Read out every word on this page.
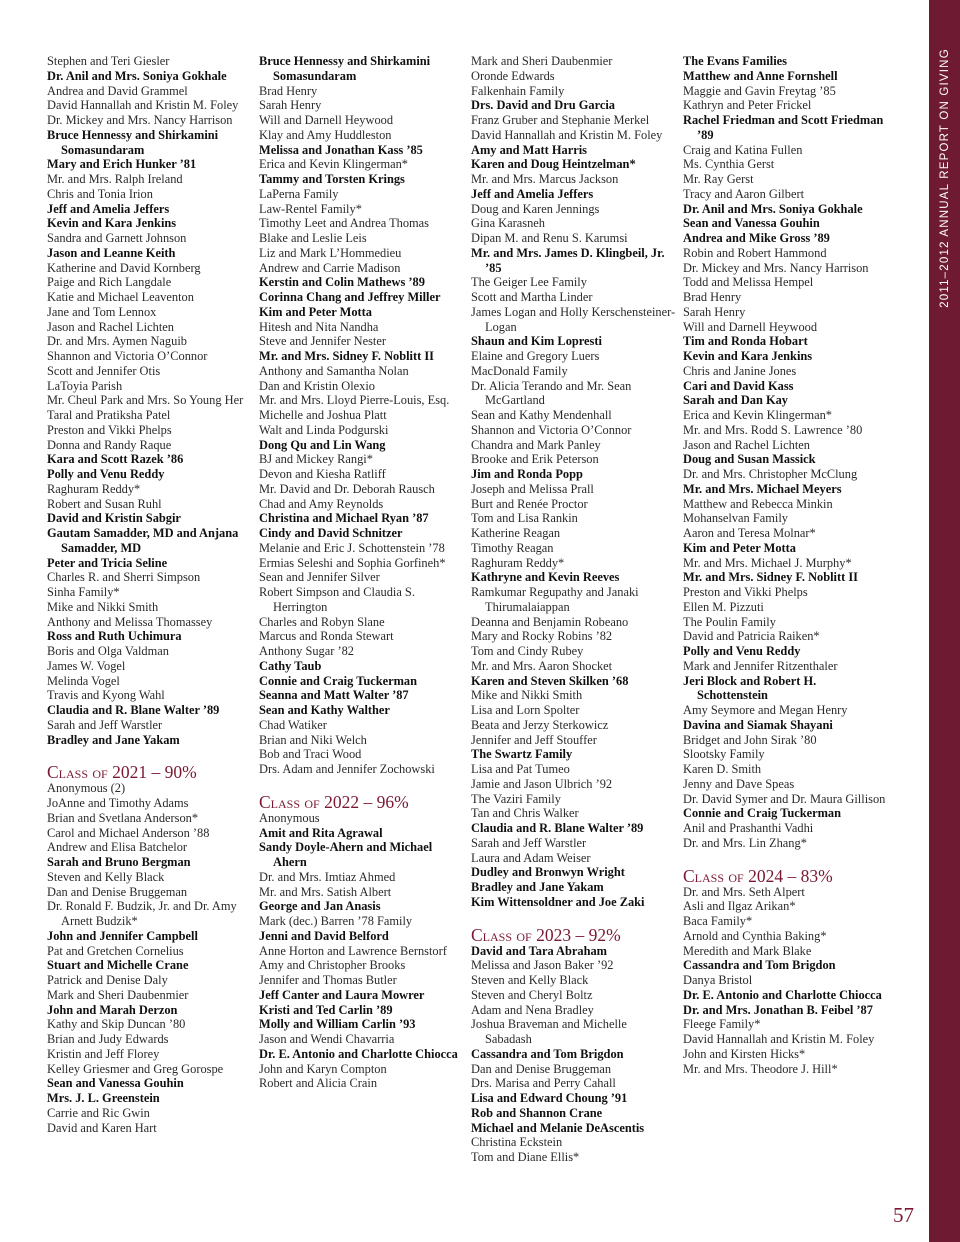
Stephen and Teri Giesler
Dr. Anil and Mrs. Soniya Gokhale
Andrea and David Grammel
David Hannallah and Kristin M. Foley
Dr. Mickey and Mrs. Nancy Harrison
Bruce Hennessy and Shirkamini Somasundaram
Mary and Erich Hunker ’81
Mr. and Mrs. Ralph Ireland
Chris and Tonia Irion
Jeff and Amelia Jeffers
Kevin and Kara Jenkins
Sandra and Garnett Johnson
Jason and Leanne Keith
Katherine and David Kornberg
Paige and Rich Langdale
Katie and Michael Leaventon
Jane and Tom Lennox
Jason and Rachel Lichten
Dr. and Mrs. Aymen Naguib
Shannon and Victoria O’Connor
Scott and Jennifer Otis
LaToyia Parish
Mr. Cheul Park and Mrs. So Young Her
Taral and Pratiksha Patel
Preston and Vikki Phelps
Donna and Randy Raque
Kara and Scott Razek ’86
Polly and Venu Reddy
Raghuram Reddy*
Robert and Susan Ruhl
David and Kristin Sabgir
Gautam Samadder, MD and Anjana Samadder, MD
Peter and Tricia Seline
Charles R. and Sherri Simpson
Sinha Family*
Mike and Nikki Smith
Anthony and Melissa Thomassey
Ross and Ruth Uchimura
Boris and Olga Valdman
James W. Vogel
Melinda Vogel
Travis and Kyong Wahl
Claudia and R. Blane Walter ’89
Sarah and Jeff Warstler
Bradley and Jane Yakam
Class of 2021 – 90%
Anonymous (2)
JoAnne and Timothy Adams
Brian and Svetlana Anderson*
Carol and Michael Anderson ’88
Andrew and Elisa Batchelor
Sarah and Bruno Bergman
Steven and Kelly Black
Dan and Denise Bruggeman
Dr. Ronald F. Budzik, Jr. and Dr. Amy Arnett Budzik*
John and Jennifer Campbell
Pat and Gretchen Cornelius
Stuart and Michelle Crane
Patrick and Denise Daly
Mark and Sheri Daubenmier
John and Marah Derzon
Kathy and Skip Duncan ’80
Brian and Judy Edwards
Kristin and Jeff Florey
Kelley Griesmer and Greg Gorospe
Sean and Vanessa Gouhin
Mrs. J. L. Greenstein
Carrie and Ric Gwin
David and Karen Hart
Bruce Hennessy and Shirkamini Somasundaram
Brad Henry
Sarah Henry
Will and Darnell Heywood
Klay and Amy Huddleston
Melissa and Jonathan Kass ’85
Erica and Kevin Klingerman*
Tammy and Torsten Krings
LaPerna Family
Law-Rentel Family*
Timothy Leet and Andrea Thomas
Blake and Leslie Leis
Liz and Mark L’Hommedieu
Andrew and Carrie Madison
Kerstin and Colin Mathews ’89
Corinna Chang and Jeffrey Miller
Kim and Peter Motta
Hitesh and Nita Nandha
Steve and Jennifer Nester
Mr. and Mrs. Sidney F. Noblitt II
Anthony and Samantha Nolan
Dan and Kristin Olexio
Mr. and Mrs. Lloyd Pierre-Louis, Esq.
Michelle and Joshua Platt
Walt and Linda Podgurski
Dong Qu and Lin Wang
BJ and Mickey Rangi*
Devon and Kiesha Ratliff
Mr. David and Dr. Deborah Rausch
Chad and Amy Reynolds
Christina and Michael Ryan ’87
Cindy and David Schnitzer
Melanie and Eric J. Schottenstein ’78
Ermias Seleshi and Sophia Gorfineh*
Sean and Jennifer Silver
Robert Simpson and Claudia S. Herrington
Charles and Robyn Slane
Marcus and Ronda Stewart
Anthony Sugar ’82
Cathy Taub
Connie and Craig Tuckerman
Seanna and Matt Walter ’87
Sean and Kathy Walther
Chad Watiker
Brian and Niki Welch
Bob and Traci Wood
Drs. Adam and Jennifer Zochowski
Class of 2022 – 96%
Anonymous
Amit and Rita Agrawal
Sandy Doyle-Ahern and Michael Ahern
Dr. and Mrs. Imtiaz Ahmed
Mr. and Mrs. Satish Albert
George and Jan Anasis
Mark (dec.) Barren ’78 Family
Jenni and David Belford
Anne Horton and Lawrence Bernstorf
Amy and Christopher Brooks
Jennifer and Thomas Butler
Jeff Canter and Laura Mowrer
Kristi and Ted Carlin ’89
Molly and William Carlin ’93
Jason and Wendi Chavarria
Dr. E. Antonio and Charlotte Chiocca
John and Karyn Compton
Robert and Alicia Crain
Mark and Sheri Daubenmier
Oronde Edwards
Falkenhain Family
Drs. David and Dru Garcia
Franz Gruber and Stephanie Merkel
David Hannallah and Kristin M. Foley
Amy and Matt Harris
Karen and Doug Heintzelman*
Mr. and Mrs. Marcus Jackson
Jeff and Amelia Jeffers
Doug and Karen Jennings
Gina Karasneh
Dipan M. and Renu S. Karumsi
Mr. and Mrs. James D. Klingbeil, Jr. ’85
The Geiger Lee Family
Scott and Martha Linder
James Logan and Holly Kerschensteiner-Logan
Shaun and Kim Lopresti
Elaine and Gregory Luers
MacDonald Family
Dr. Alicia Terando and Mr. Sean McGartland
Sean and Kathy Mendenhall
Shannon and Victoria O’Connor
Chandra and Mark Panley
Brooke and Erik Peterson
Jim and Ronda Popp
Joseph and Melissa Prall
Burt and Renée Proctor
Tom and Lisa Rankin
Katherine Reagan
Timothy Reagan
Raghuram Reddy*
Kathryne and Kevin Reeves
Ramkumar Regupathy and Janaki Thirumalaiappan
Deanna and Benjamin Robeano
Mary and Rocky Robins ’82
Tom and Cindy Rubey
Mr. and Mrs. Aaron Shocket
Karen and Steven Skilken ’68
Mike and Nikki Smith
Lisa and Lorn Spolter
Beata and Jerzy Sterkowicz
Jennifer and Jeff Stouffer
The Swartz Family
Lisa and Pat Tumeo
Jamie and Jason Ulbrich ’92
The Vaziri Family
Tan and Chris Walker
Claudia and R. Blane Walter ’89
Sarah and Jeff Warstler
Laura and Adam Weiser
Dudley and Bronwyn Wright
Bradley and Jane Yakam
Kim Wittensoldner and Joe Zaki
Class of 2023 – 92%
David and Tara Abraham
Melissa and Jason Baker ’92
Steven and Kelly Black
Steven and Cheryl Boltz
Adam and Nena Bradley
Joshua Braveman and Michelle Sabadash
Cassandra and Tom Brigdon
Dan and Denise Bruggeman
Drs. Marisa and Perry Cahall
Lisa and Edward Choung ’91
Rob and Shannon Crane
Michael and Melanie DeAscentis
Christina Eckstein
Tom and Diane Ellis*
The Evans Families
Matthew and Anne Fornshell
Maggie and Gavin Freytag ’85
Kathryn and Peter Frickel
Rachel Friedman and Scott Friedman ’89
Craig and Katina Fullen
Ms. Cynthia Gerst
Mr. Ray Gerst
Tracy and Aaron Gilbert
Dr. Anil and Mrs. Soniya Gokhale
Sean and Vanessa Gouhin
Andrea and Mike Gross ’89
Robin and Robert Hammond
Dr. Mickey and Mrs. Nancy Harrison
Todd and Melissa Hempel
Brad Henry
Sarah Henry
Will and Darnell Heywood
Tim and Ronda Hobart
Kevin and Kara Jenkins
Chris and Janine Jones
Cari and David Kass
Sarah and Dan Kay
Erica and Kevin Klingerman*
Mr. and Mrs. Rodd S. Lawrence ’80
Jason and Rachel Lichten
Doug and Susan Massick
Dr. and Mrs. Christopher McClung
Mr. and Mrs. Michael Meyers
Matthew and Rebecca Minkin
Mohanselvan Family
Aaron and Teresa Molnar*
Kim and Peter Motta
Mr. and Mrs. Michael J. Murphy*
Mr. and Mrs. Sidney F. Noblitt II
Preston and Vikki Phelps
Ellen M. Pizzuti
The Poulin Family
David and Patricia Raiken*
Polly and Venu Reddy
Mark and Jennifer Ritzenthaler
Jeri Block and Robert H. Schottenstein
Amy Seymore and Megan Henry
Davina and Siamak Shayani
Bridget and John Sirak ’80
Slootsky Family
Karen D. Smith
Jenny and Dave Speas
Dr. David Symer and Dr. Maura Gillison
Connie and Craig Tuckerman
Anil and Prashanthi Vadhi
Dr. and Mrs. Lin Zhang*
Class of 2024 – 83%
Dr. and Mrs. Seth Alpert
Asli and Ilgaz Arikan*
Baca Family*
Arnold and Cynthia Baking*
Meredith and Mark Blake
Cassandra and Tom Brigdon
Danya Bristol
Dr. E. Antonio and Charlotte Chiocca
Dr. and Mrs. Jonathan B. Feibel ’87
Fleege Family*
David Hannallah and Kristin M. Foley
John and Kirsten Hicks*
Mr. and Mrs. Theodore J. Hill*
2011–2012 ANNUAL REPORT ON GIVING
57
